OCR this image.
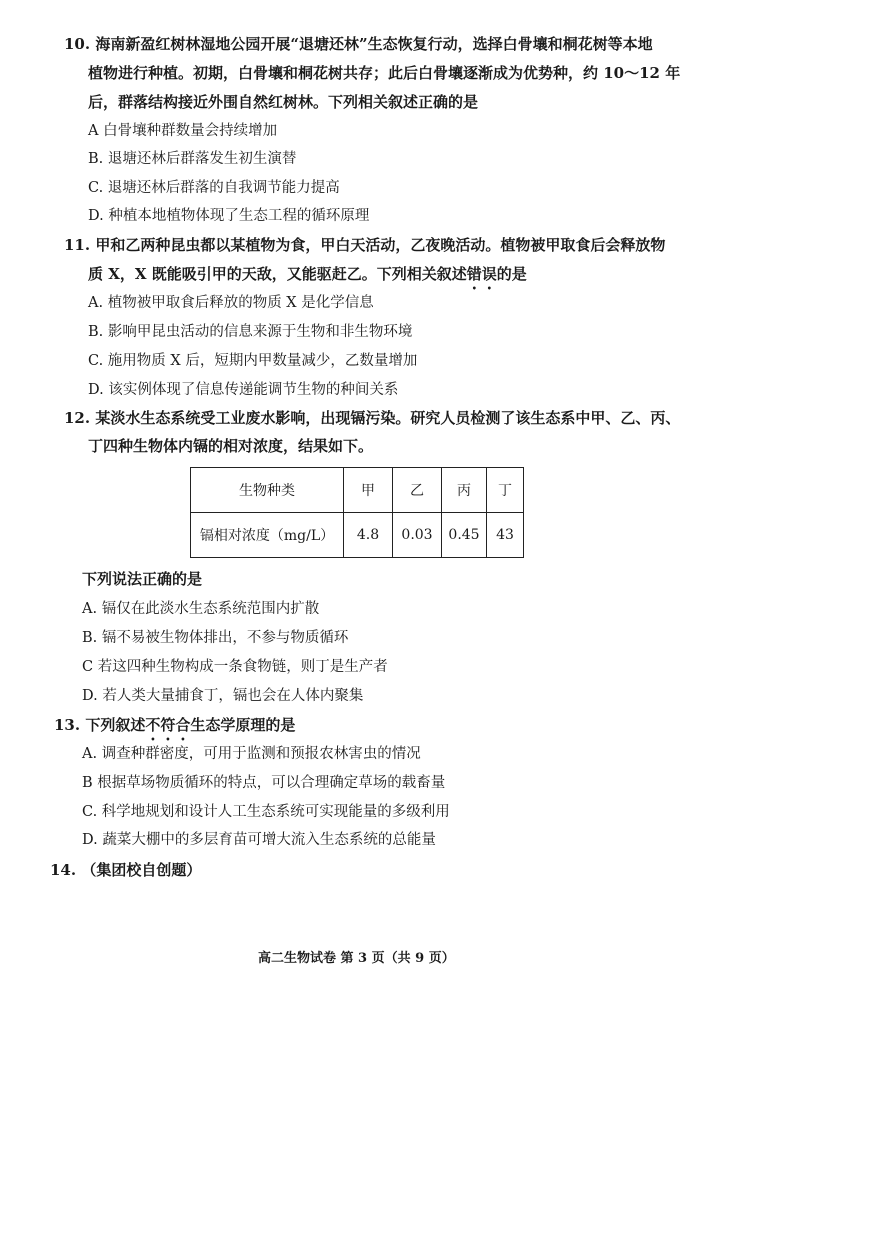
10. 海南新盈红树林湿地公园开展“退塘还林”生态恢复行动，选择白骨壤和桐花树等本地
植物进行种植。初期，白骨壤和桐花树共存；此后白骨壤逐渐成为优势种，约 10～12 年
后，群落结构接近外围自然红树林。下列相关叙述正确的是
A 白骨壤种群数量会持续增加
B. 退塘还林后群落发生初生演替
C. 退塘还林后群落的自我调节能力提高
D. 种植本地植物体现了生态工程的循环原理
11. 甲和乙两种昆虫都以某植物为食，甲白天活动，乙夜晚活动。植物被甲取食后会释放物
质 X，X 既能吸引甲的天敌，又能驱赶乙。下列相关叙述错误的是
A. 植物被甲取食后释放的物质 X 是化学信息
B. 影响甲昆虫活动的信息来源于生物和非生物环境
C. 施用物质 X 后，短期内甲数量减少，乙数量增加
D. 该实例体现了信息传递能调节生物的种间关系
12. 某淡水生态系统受工业废水影响，出现镉污染。研究人员检测了该生态系中甲、乙、丙、
丁四种生物体内镉的相对浓度，结果如下。
生物种类	甲	乙	丙	丁
镉相对浓度（mg/L）	4.8	0.03	0.45	43
下列说法正确的是
A. 镉仅在此淡水生态系统范围内扩散
B. 镉不易被生物体排出，不参与物质循环
C 若这四种生物构成一条食物链，则丁是生产者
D. 若人类大量捕食丁，镉也会在人体内聚集
13. 下列叙述不符合生态学原理的是
A. 调查种群密度，可用于监测和预报农林害虫的情况
B 根据草场物质循环的特点，可以合理确定草场的载畜量
C. 科学地规划和设计人工生态系统可实现能量的多级利用
D. 蔬菜大棚中的多层育苗可增大流入生态系统的总能量
14. （集团校自创题）
高二生物试卷 第 3 页（共 9 页）
